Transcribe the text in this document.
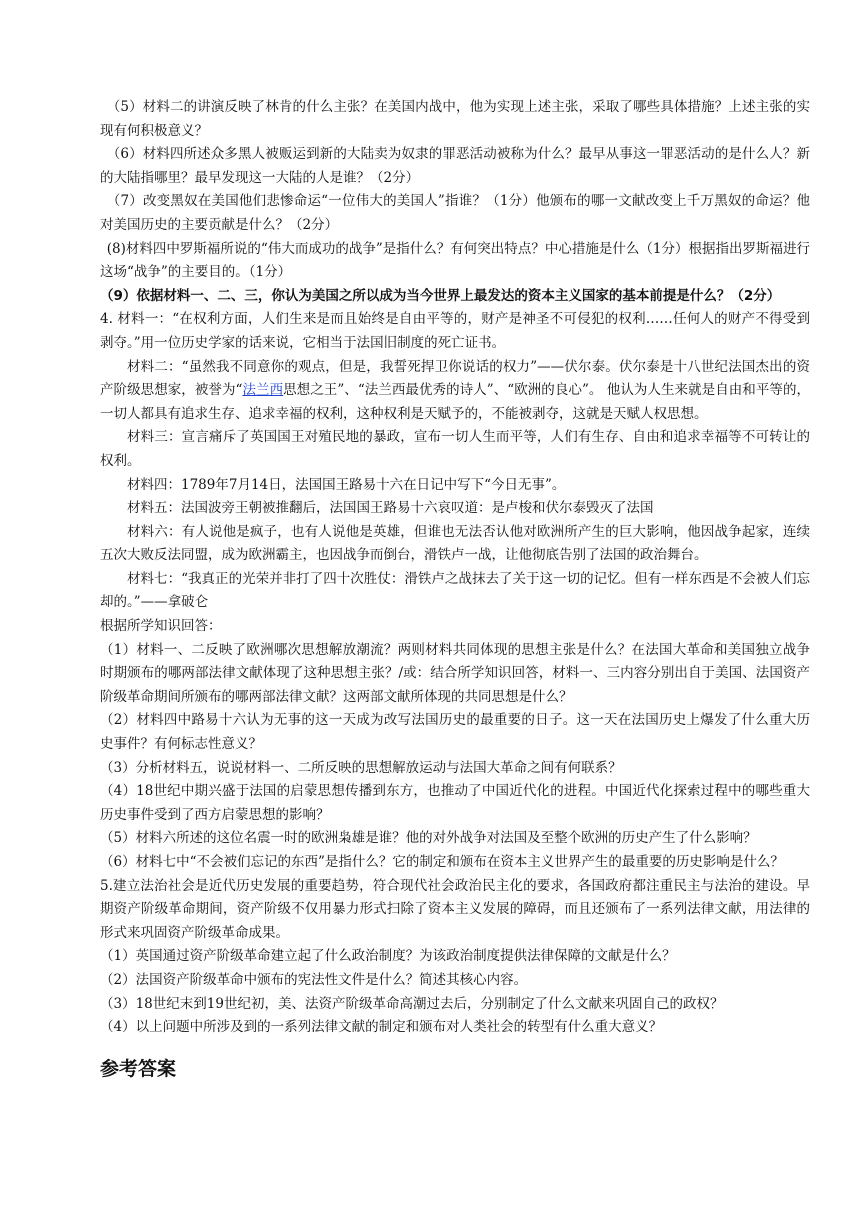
（5）材料二的讲演反映了林肯的什么主张？在美国内战中，他为实现上述主张，采取了哪些具体措施？上述主张的实现有何积极意义？

（6）材料四所述众多黑人被贩运到新的大陆卖为奴隶的罪恶活动被称为什么？最早从事这一罪恶活动的是什么人？新的大陆指哪里？最早发现这一大陆的人是谁？（2分）

（7）改变黑奴在美国他们悲惨命运“一位伟大的美国人”指谁？（1分）他颁布的哪一文献改变上千万黑奴的命运？他对美国历史的主要贡献是什么？（2分）

(8)材料四中罗斯福所说的“伟大而成功的战争”是指什么？有何突出特点？中心措施是什么（1分）根据指出罗斯福进行这场“战争”的主要目的。（1分）

（9）依据材料一、二、三，你认为美国之所以成为当今世界上最发达的资本主义国家的基本前提是什么？（2分）

4. 材料一：“在权利方面，人们生来是而且始终是自由平等的，财产是神圣不可侵犯的权利……任何人的财产不得受到剥夺。”用一位历史学家的话来说，它相当于法国旧制度的死亡证书。

材料二：“虽然我不同意你的观点，但是，我誓死捍卫你说话的权力”——伏尔泰。伏尔泰是十八世纪法国杰出的资产阶级思想家，被誉为“法兰西思想之王”、“法兰西最优秀的诗人”、“欧洲的良心”。 他认为人生来就是自由和平等的，一切人都具有追求生存、追求幸福的权利，这种权利是天赋予的，不能被剥夺，这就是天赋人权思想。

材料三：宣言痛斥了英国国王对殖民地的暴政，宣布一切人生而平等，人们有生存、自由和追求幸福等不可转让的权利。

材料四：1789年7月14日，法国国王路易十六在日记中写下“今日无事”。

材料五：法国波旁王朝被推翻后，法国国王路易十六哀叹道：是卢梭和伏尔泰毁灭了法国

材料六：有人说他是疯子，也有人说他是英雄，但谁也无法否认他对欧洲所产生的巨大影响，他因战争起家，连续五次大败反法同盟，成为欧洲霸主，也因战争而倒台，滑铁卢一战，让他彻底告别了法国的政治舞台。

材料七：“我真正的光荣并非打了四十次胜仗：滑铁卢之战抹去了关于这一切的记忆。但有一样东西是不会被人们忘却的。”——拿破仑

根据所学知识回答：

（1）材料一、二反映了欧洲哪次思想解放潮流？两则材料共同体现的思想主张是什么？在法国大革命和美国独立战争时期颁布的哪两部法律文献体现了这种思想主张？/或：结合所学知识回答，材料一、三内容分别出自于美国、法国资产阶级革命期间所颁布的哪两部法律文献？这两部文献所体现的共同思想是什么？

（2）材料四中路易十六认为无事的这一天成为改写法国历史的最重要的日子。这一天在法国历史上爆发了什么重大历史事件？有何标志性意义？

（3）分析材料五，说说材料一、二所反映的思想解放运动与法国大革命之间有何联系？

（4）18世纪中期兴盛于法国的启蒙思想传播到东方，也推动了中国近代化的进程。中国近代化探索过程中的哪些重大历史事件受到了西方启蒙思想的影响？

（5）材料六所述的这位名震一时的欧洲枭雄是谁？他的对外战争对法国及至整个欧洲的历史产生了什么影响？

（6）材料七中“不会被们忘记的东西”是指什么？它的制定和颁布在资本主义世界产生的最重要的历史影响是什么？

5.建立法治社会是近代历史发展的重要趋势，符合现代社会政治民主化的要求，各国政府都注重民主与法治的建设。早期资产阶级革命期间，资产阶级不仅用暴力形式扫除了资本主义发展的障碍，而且还颁布了一系列法律文献，用法律的形式来巩固资产阶级革命成果。

（1）英国通过资产阶级革命建立起了什么政治制度？为该政治制度提供法律保障的文献是什么？

（2）法国资产阶级革命中颁布的宪法性文件是什么？简述其核心内容。

（3）18世纪末到19世纪初，美、法资产阶级革命高潮过去后，分别制定了什么文献来巩固自己的政权？

（4）以上问题中所涉及到的一系列法律文献的制定和颁布对人类社会的转型有什么重大意义？

参考答案
